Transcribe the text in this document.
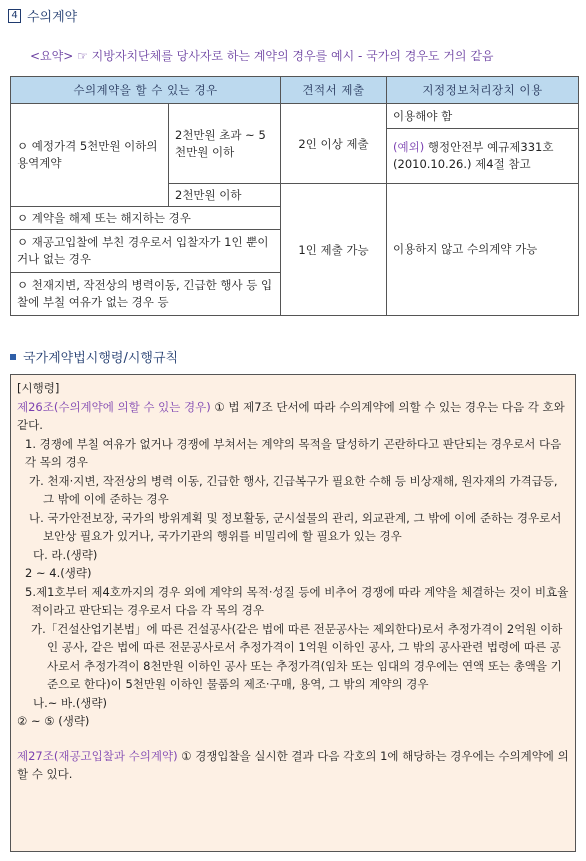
4 수의계약
<요약> ☞ 지방자치단체를 당사자로 하는 계약의 경우를 예시 - 국가의 경우도 거의 같음
수의계약을 할 수 있는 경우		견적서 제출	지정정보처리장치 이용
ㅇ 예정가격 5천만원 이하의 용역계약	2천만원 초과 ~ 5천만원 이하	2인 이상 제출	이용해야 함
			(예외) 행정안전부 예규제331호 (2010.10.26.) 제4절 참고
	2천만원 이하	1인 제출 가능	이용하지 않고 수의계약 가능
ㅇ 계약을 해제 또는 해지하는 경우			
ㅇ 재공고입찰에 부친 경우로서 입찰자가 1인 뿐이거나 없는 경우			
ㅇ 천재지변, 작전상의 병력이동, 긴급한 행사 등 입찰에 부칠 여유가 없는 경우 등			
국가계약법시행령/시행규칙

[시행령]

제26조(수의계약에 의할 수 있는 경우) ① 법 제7조 단서에 따라 수의계약에 의할 수 있는 경우는 다음 각 호와 같다.

1. 경쟁에 부칠 여유가 없거나 경쟁에 부쳐서는 계약의 목적을 달성하기 곤란하다고 판단되는 경우로서 다음 각 목의 경우

가. 천재·지변, 작전상의 병력 이동, 긴급한 행사, 긴급복구가 필요한 수해 등 비상재해, 원자재의 가격급등, 그 밖에 이에 준하는 경우

나. 국가안전보장, 국가의 방위계획 및 정보활동, 군시설물의 관리, 외교관계, 그 밖에 이에 준하는 경우로서 보안상 필요가 있거나, 국가기관의 행위를 비밀리에 할 필요가 있는 경우

다. 라.(생략)

2 ~ 4.(생략)

5.제1호부터 제4호까지의 경우 외에 계약의 목적·성질 등에 비추어 경쟁에 따라 계약을 체결하는 것이 비효율적이라고 판단되는 경우로서 다음 각 목의 경우

가.「건설산업기본법」에 따른 건설공사(같은 법에 따른 전문공사는 제외한다)로서 추정가격이 2억원 이하인 공사, 같은 법에 따른 전문공사로서 추정가격이 1억원 이하인 공사, 그 밖의 공사관련 법령에 따른 공사로서 추정가격이 8천만원 이하인 공사 또는 추정가격(임차 또는 임대의 경우에는 연액 또는 총액을 기준으로 한다)이 5천만원 이하인 물품의 제조·구매, 용역, 그 밖의 계약의 경우

나.~ 바.(생략)

② ~ ⑤ (생략)

제27조(재공고입찰과 수의계약) ① 경쟁입찰을 실시한 결과 다음 각호의 1에 해당하는 경우에는 수의계약에 의할 수 있다.
